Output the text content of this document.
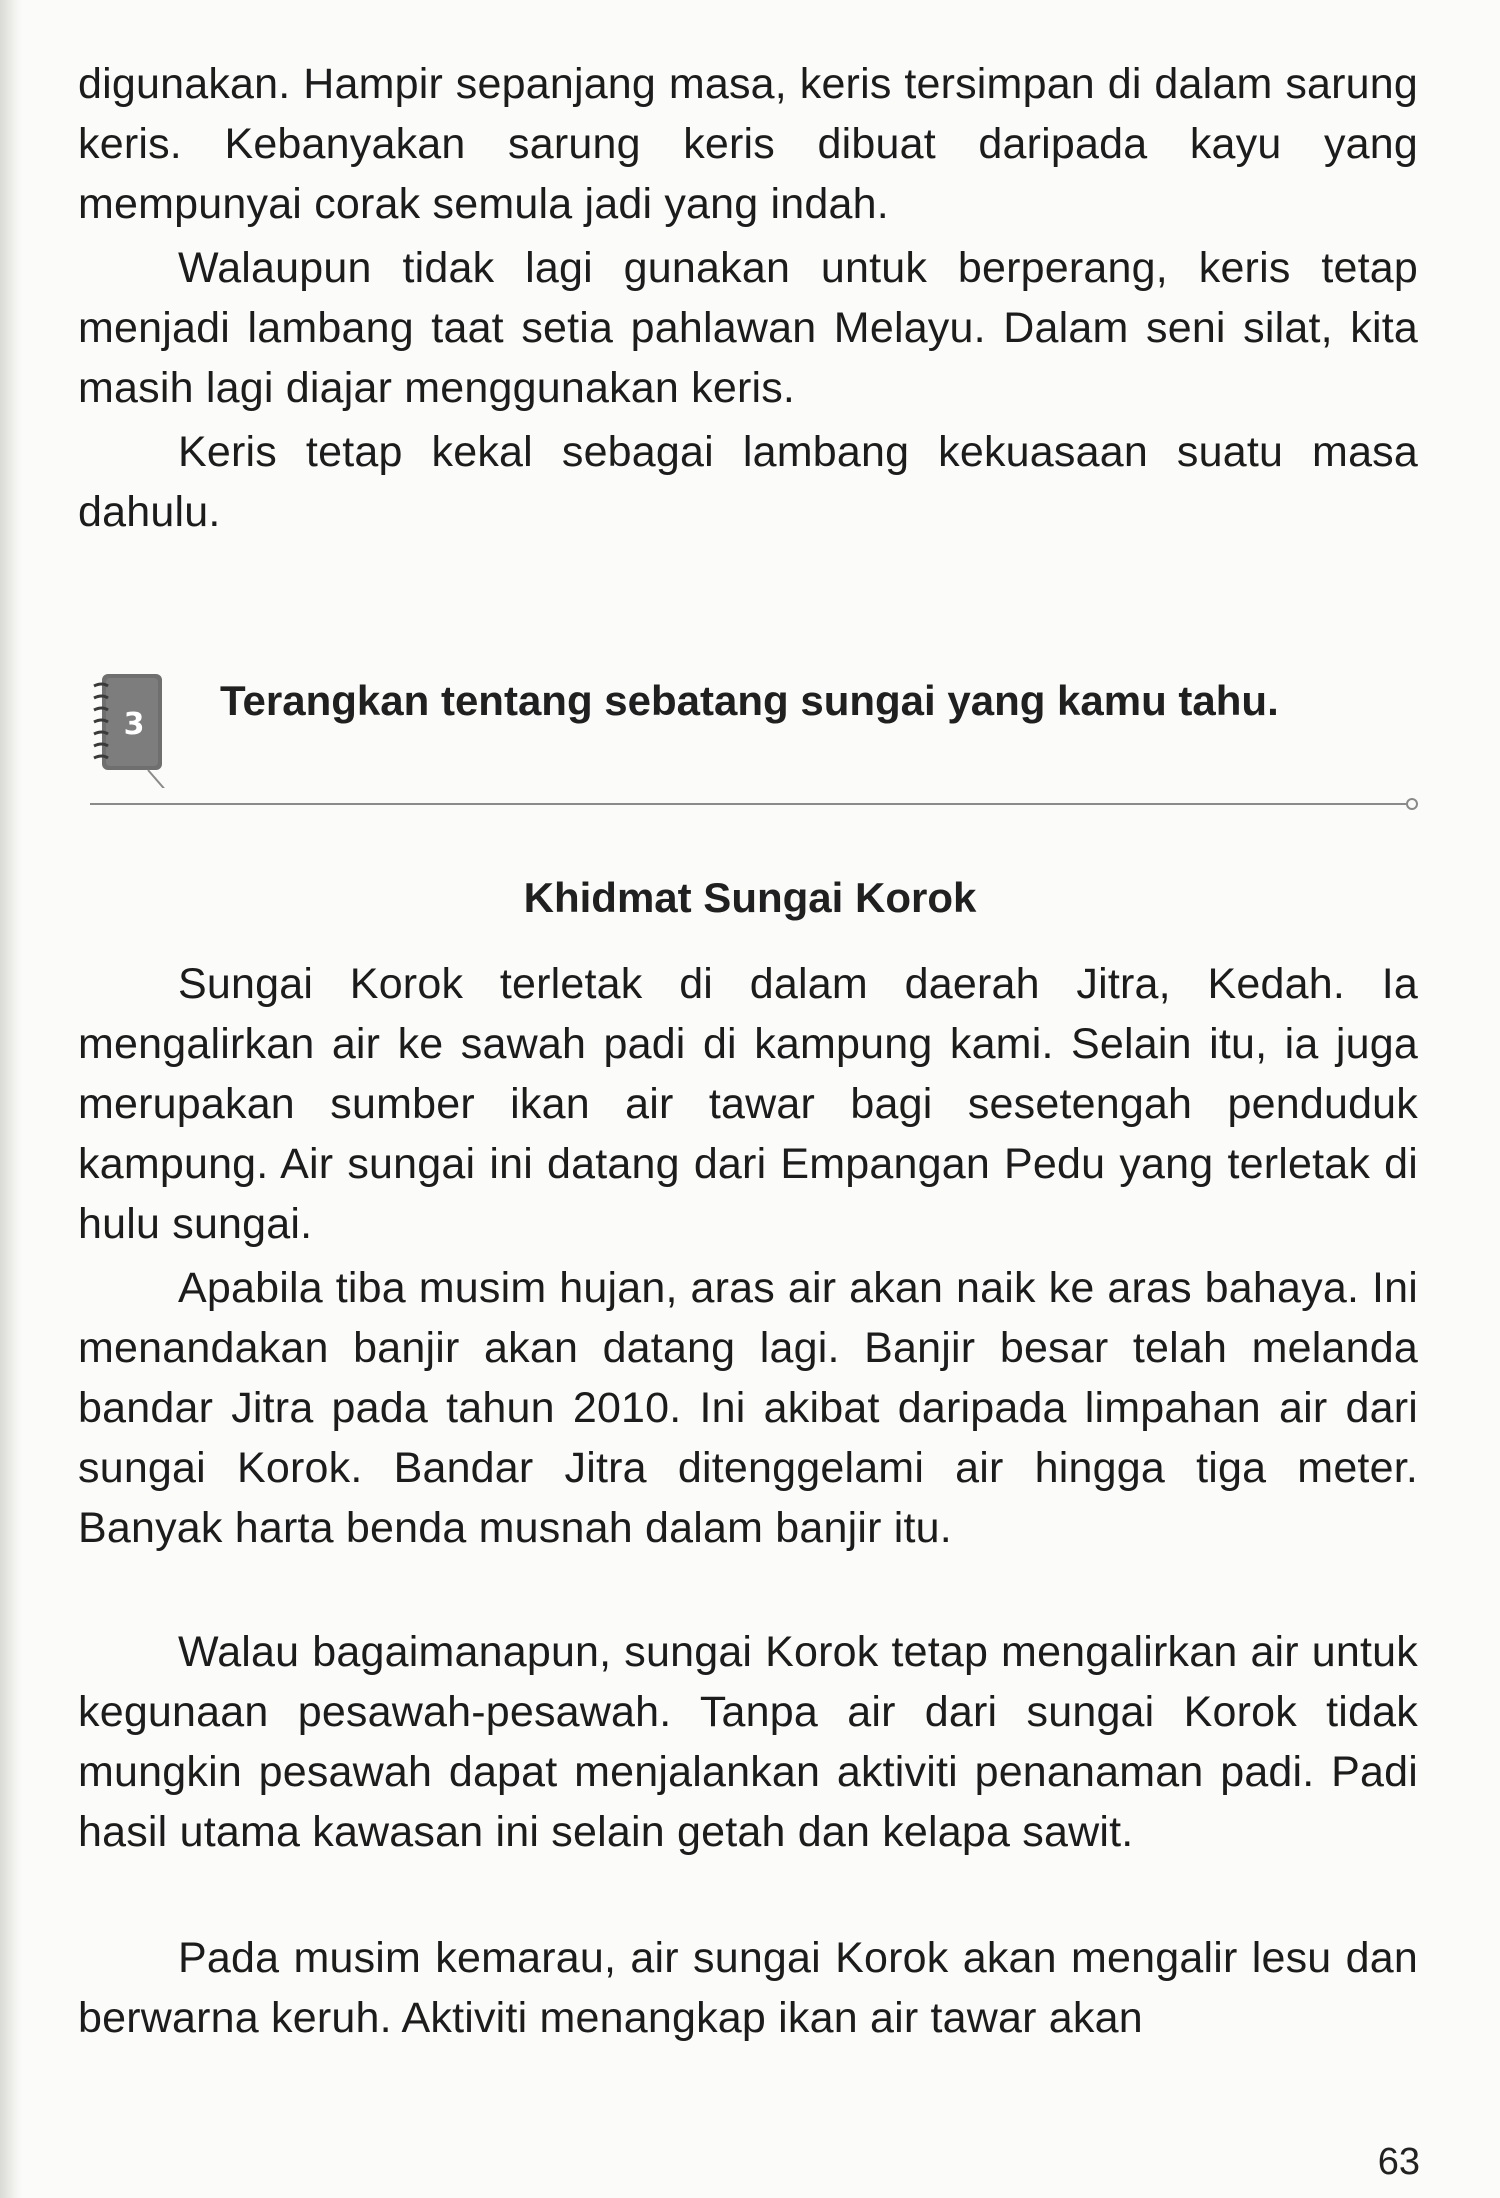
digunakan. Hampir sepanjang masa, keris tersimpan di dalam sarung keris. Kebanyakan sarung keris dibuat daripada kayu yang mempunyai corak semula jadi yang indah.

Walaupun tidak lagi gunakan untuk berperang, keris tetap menjadi lambang taat setia pahlawan Melayu. Dalam seni silat, kita masih lagi diajar menggunakan keris.

Keris tetap kekal sebagai lambang kekuasaan suatu masa dahulu.

3

Terangkan tentang sebatang sungai yang kamu tahu.

Khidmat Sungai Korok

Sungai Korok terletak di dalam daerah Jitra, Kedah. Ia mengalirkan air ke sawah padi di kampung kami. Selain itu, ia juga merupakan sumber ikan air tawar bagi sesetengah penduduk kampung. Air sungai ini datang dari Empangan Pedu yang terletak di hulu sungai.

Apabila tiba musim hujan, aras air akan naik ke aras bahaya. Ini menandakan banjir akan datang lagi. Banjir besar telah melanda bandar Jitra pada tahun 2010. Ini akibat daripada limpahan air dari sungai Korok. Bandar Jitra ditenggelami air hingga tiga meter. Banyak harta benda musnah dalam banjir itu.

Walau bagaimanapun, sungai Korok tetap mengalirkan air untuk kegunaan pesawah-pesawah. Tanpa air dari sungai Korok tidak mungkin pesawah dapat menjalankan aktiviti penanaman padi. Padi hasil utama kawasan ini selain getah dan kelapa sawit.

Pada musim kemarau, air sungai Korok akan mengalir lesu dan berwarna keruh. Aktiviti menangkap ikan air tawar akan

63
